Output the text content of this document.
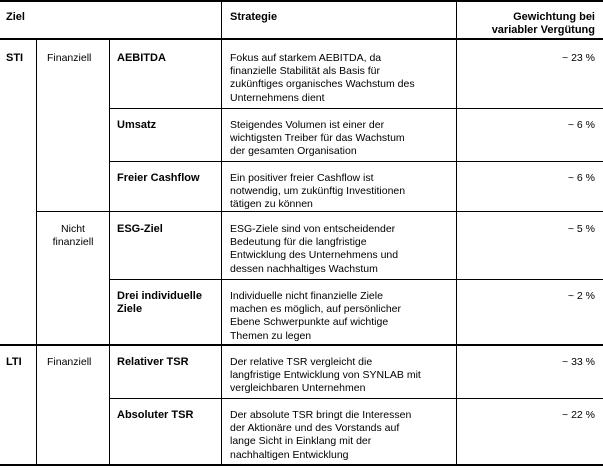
Ziel	Strategie	Gewichtung bei
variabler Vergütung
STI
LTI
Finanziell
Nicht
finanziell
Finanziell
AEBITDA
Umsatz
Freier Cashflow
ESG-Ziel
Drei individuelle
Ziele
Relativer TSR
Absoluter TSR
Fokus auf starkem AEBITDA, da
finanzielle Stabilität als Basis für
zukünftiges organisches Wachstum des
Unternehmens dient
Steigendes Volumen ist einer der
wichtigsten Treiber für das Wachstum
der gesamten Organisation
Ein positiver freier Cashflow ist
notwendig, um zukünftig Investitionen
tätigen zu können
ESG-Ziele sind von entscheidender
Bedeutung für die langfristige
Entwicklung des Unternehmens und
dessen nachhaltiges Wachstum
Individuelle nicht finanzielle Ziele
machen es möglich, auf persönlicher
Ebene Schwerpunkte auf wichtige
Themen zu legen
Der relative TSR vergleicht die
langfristige Entwicklung von SYNLAB mit
vergleichbaren Unternehmen
Der absolute TSR bringt die Interessen
der Aktionäre und des Vorstands auf
lange Sicht in Einklang mit der
nachhaltigen Entwicklung
~ 23 %
~ 6 %
~ 6 %
~ 5 %
~ 2 %
~ 33 %
~ 22 %
